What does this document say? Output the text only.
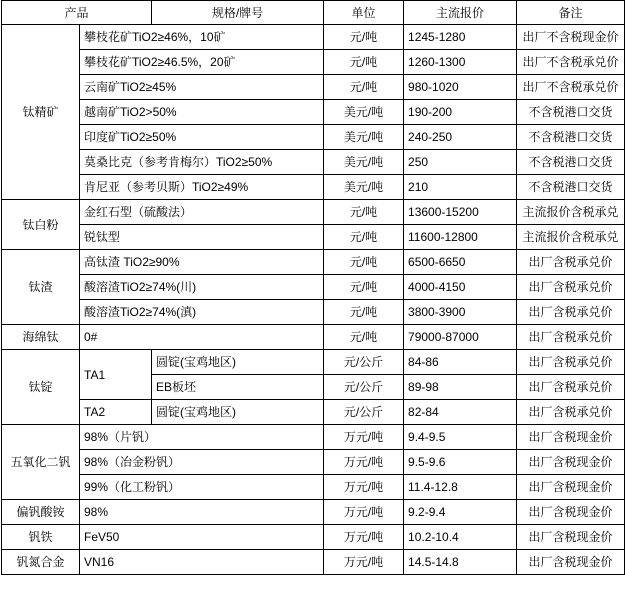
产品		规格/牌号	单位	主流报价	备注
钛精矿	攀枝花矿TiO2≥46%，10矿		元/吨	1245-1280	出厂不含税现金价
	攀枝花矿TiO2≥46.5%，20矿		元/吨	1260-1300	出厂不含税承兑价
	云南矿TiO2≥45%		元/吨	980-1020	出厂不含税承兑价
	越南矿TiO2>50%		美元/吨	190-200	不含税港口交货
	印度矿TiO2≥50%		美元/吨	240-250	不含税港口交货
	莫桑比克（参考肯梅尔）TiO2≥50%		美元/吨	250	不含税港口交货
	肯尼亚（参考贝斯）TiO2≥49%		美元/吨	210	不含税港口交货
钛白粉	金红石型（硫酸法）		元/吨	13600-15200	主流报价含税承兑
	锐钛型		元/吨	11600-12800	主流报价含税承兑
钛渣	高钛渣 TiO2≥90%		元/吨	6500-6650	出厂含税承兑价
	酸溶渣TiO2≥74%(川)		元/吨	4000-4150	出厂含税承兑价
	酸溶渣TiO2≥74%(滇)		元/吨	3800-3900	出厂含税承兑价
海绵钛	0#		元/吨	79000-87000	出厂含税承兑价
钛锭	TA1	圆锭(宝鸡地区)	元/公斤	84-86	出厂含税承兑价
		EB板坯	元/公斤	89-98	出厂含税承兑价
	TA2	圆锭(宝鸡地区)	元/公斤	82-84	出厂含税承兑价
五氧化二钒	98%（片钒）		万元/吨	9.4-9.5	出厂含税现金价
	98%（冶金粉钒）		万元/吨	9.5-9.6	出厂含税现金价
	99%（化工粉钒）		万元/吨	11.4-12.8	出厂含税现金价
偏钒酸铵	98%		万元/吨	9.2-9.4	出厂含税现金价
钒铁	FeV50		万元/吨	10.2-10.4	出厂含税现金价
钒氮合金	VN16		万元/吨	14.5-14.8	出厂含税现金价
